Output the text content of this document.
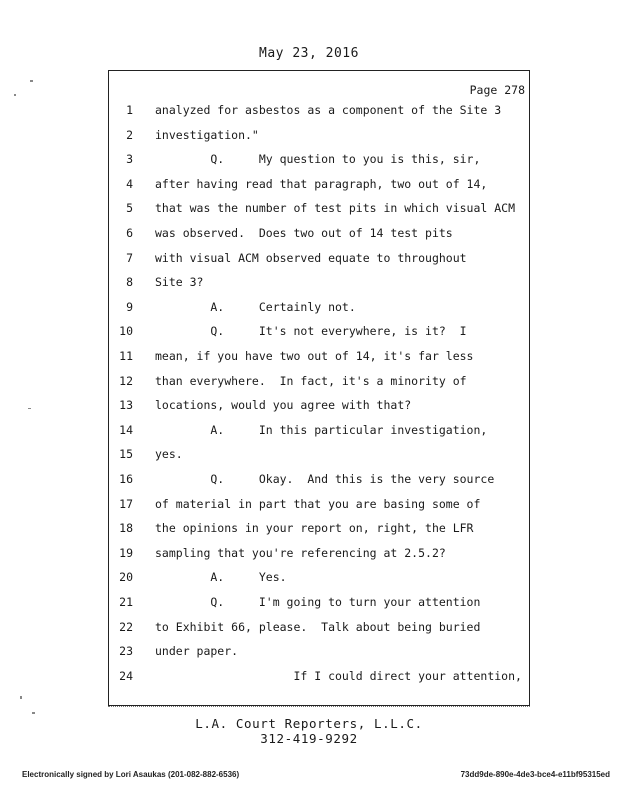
May 23, 2016
Page 278
1 analyzed for asbestos as a component of the Site 3
2 investigation."
3 Q.     My question to you is this, sir,
4 after having read that paragraph, two out of 14,
5 that was the number of test pits in which visual ACM
6 was observed.  Does two out of 14 test pits
7 with visual ACM observed equate to throughout
8 Site 3?
9 A.     Certainly not.
10 Q.     It's not everywhere, is it?  I
11 mean, if you have two out of 14, it's far less
12 than everywhere.  In fact, it's a minority of
13 locations, would you agree with that?
14 A.     In this particular investigation,
15 yes.
16 Q.     Okay.  And this is the very source
17 of material in part that you are basing some of
18 the opinions in your report on, right, the LFR
19 sampling that you're referencing at 2.5.2?
20 A.     Yes.
21 Q.     I'm going to turn your attention
22 to Exhibit 66, please.  Talk about being buried
23 under paper.
24 If I could direct your attention,
L.A. Court Reporters, L.L.C.
312-419-9292
Electronically signed by Lori Asaukas (201-082-882-6536)	73dd9de-890e-4de3-bce4-e11bf95315ed
